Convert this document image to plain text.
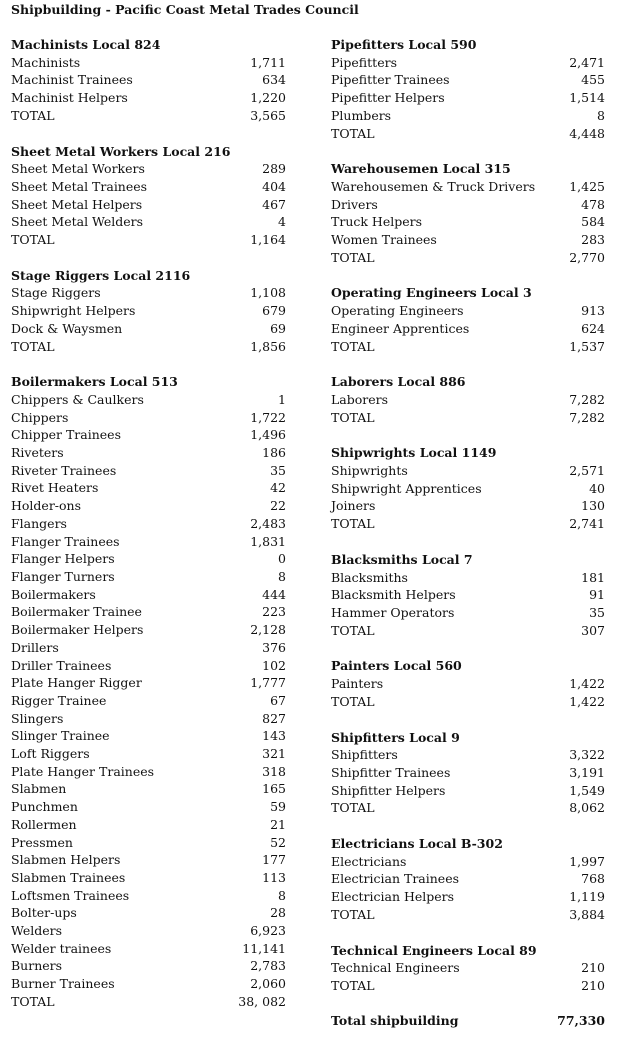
Shipbuilding - Pacific Coast Metal Trades Council
Machinists Local 824
Machinists	1,711
Machinist Trainees	634
Machinist Helpers	1,220
TOTAL	3,565
Sheet Metal Workers Local 216
Sheet Metal Workers	289
Sheet Metal Trainees	404
Sheet Metal Helpers	467
Sheet Metal Welders	4
TOTAL	1,164
Stage Riggers Local 2116
Stage Riggers	1,108
Shipwright Helpers	679
Dock & Waysmen	69
TOTAL	1,856
Boilermakers Local 513
Chippers & Caulkers	1
Chippers	1,722
Chipper Trainees	1,496
Riveters	186
Riveter Trainees	35
Rivet Heaters	42
Holder-ons	22
Flangers	2,483
Flanger Trainees	1,831
Flanger Helpers	0
Flanger Turners	8
Boilermakers	444
Boilermaker Trainee	223
Boilermaker Helpers	2,128
Drillers	376
Driller Trainees	102
Plate Hanger Rigger	1,777
Rigger Trainee	67
Slingers	827
Slinger Trainee	143
Loft Riggers	321
Plate Hanger Trainees	318
Slabmen	165
Punchmen	59
Rollermen	21
Pressmen	52
Slabmen Helpers	177
Slabmen Trainees	113
Loftsmen Trainees	8
Bolter-ups	28
Welders	6,923
Welder trainees	11,141
Burners	2,783
Burner Trainees	2,060
TOTAL	38, 082
Pipefitters Local 590
Pipefitters	2,471
Pipefitter Trainees	455
Pipefitter Helpers	1,514
Plumbers	8
TOTAL	4,448
Warehousemen Local 315
Warehousemen & Truck Drivers	1,425
Drivers	478
Truck Helpers	584
Women Trainees	283
TOTAL	2,770
Operating Engineers Local 3
Operating Engineers	913
Engineer Apprentices	624
TOTAL	1,537
Laborers Local 886
Laborers	7,282
TOTAL	7,282
Shipwrights Local 1149
Shipwrights	2,571
Shipwright Apprentices	40
Joiners	130
TOTAL	2,741
Blacksmiths Local 7
Blacksmiths	181
Blacksmith Helpers	91
Hammer Operators	35
TOTAL	307
Painters Local 560
Painters	1,422
TOTAL	1,422
Shipfitters Local 9
Shipfitters	3,322
Shipfitter Trainees	3,191
Shipfitter Helpers	1,549
TOTAL	8,062
Electricians Local B-302
Electricians	1,997
Electrician Trainees	768
Electrician Helpers	1,119
TOTAL	3,884
Technical Engineers Local 89
Technical Engineers	210
TOTAL	210
Total shipbuilding	77,330
